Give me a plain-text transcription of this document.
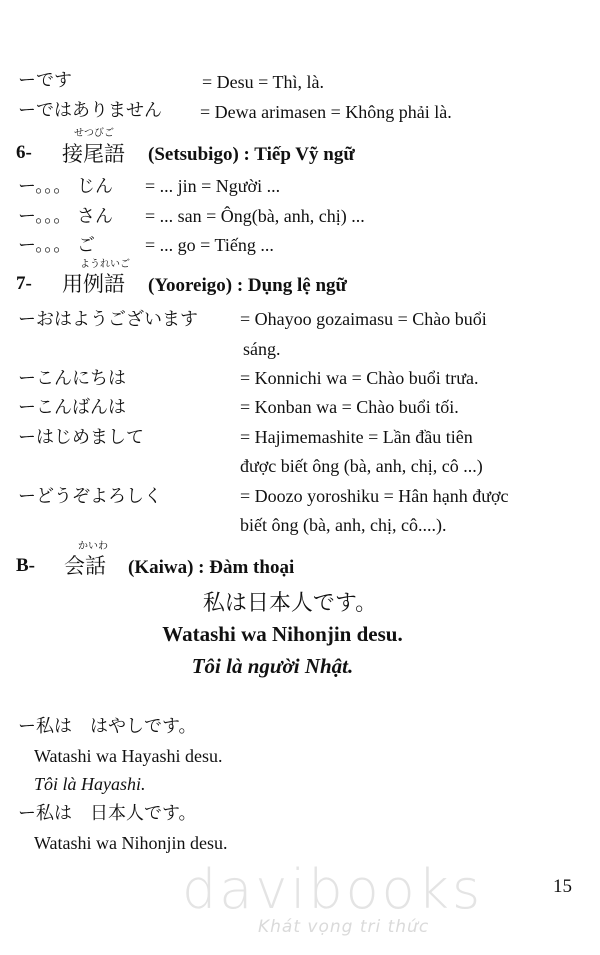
ーです	= Desu = Thì, là.
ーではありません = Dewa arimasen = Không phải là.
6-
せつびご
接尾語 (Setsubigo) : Tiếp Vỹ ngữ
ー。。。 じん = ... jin = Người ...
ー。。。 さん = ... san = Ông(bà, anh, chị) ...
ー。。。 ご	= ... go = Tiếng ...
7-
ようれいご
用例語 (Yooreigo) : Dụng lệ ngữ
ーおはようございます = Ohayoo gozaimasu = Chào buổi
sáng.
ーこんにちは	= Konnichi wa = Chào buổi trưa.
ーこんばんは	= Konban wa = Chào buổi tối.
ーはじめまして	= Hajimemashite = Lần đầu tiên
được biết ông (bà, anh, chị, cô ...)
ーどうぞよろしく	= Doozo yoroshiku = Hân hạnh được
biết ông (bà, anh, chị, cô....).
B-
かいわ
会話 (Kaiwa) : Đàm thoại
私は日本人です。
Watashi wa Nihonjin desu.
Tôi là người Nhật.
ー私は　はやしです。
Watashi wa Hayashi desu.
Tôi là Hayashi.
ー私は　日本人です。
Watashi wa Nihonjin desu.
15
davibooks
Khát vọng tri thức
